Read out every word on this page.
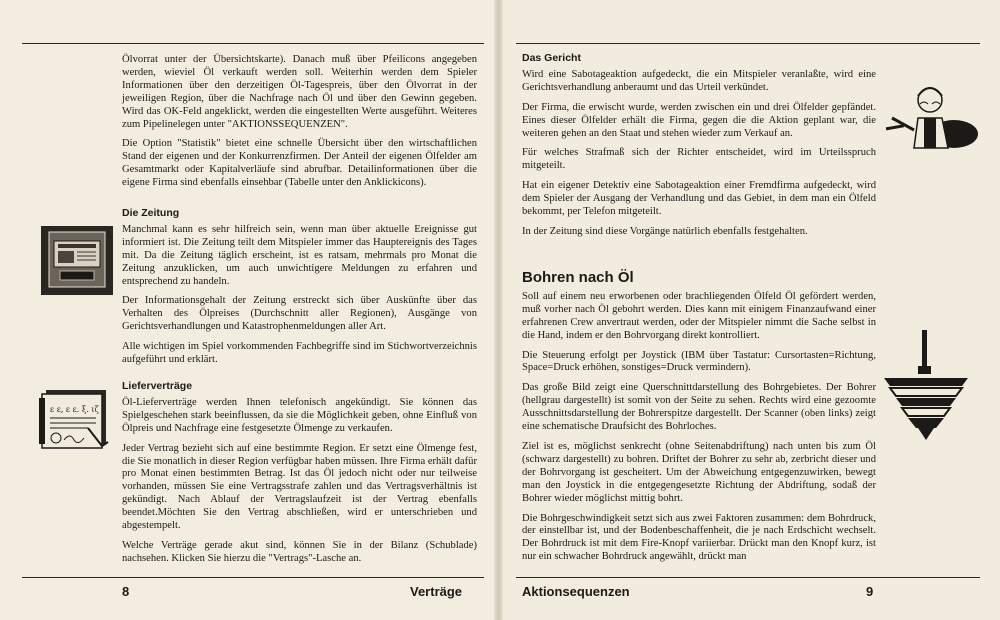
Ölvorrat unter der Übersichtskarte). Danach muß über Pfeilicons angegeben werden, wieviel Öl verkauft werden soll. Weiterhin werden dem Spieler Informationen über den derzeitigen Öl-Tagespreis, über den Ölvorrat in der jeweiligen Region, über die Nachfrage nach Öl und über den Gewinn gegeben. Wird das OK-Feld angeklickt, werden die eingestellten Werte ausgeführt. Weiteres zum Pipelinelegen unter "AKTIONSSEQUENZEN".

Die Option "Statistik" bietet eine schnelle Übersicht über den wirtschaftlichen Stand der eigenen und der Konkurrenzfirmen. Der Anteil der eigenen Ölfelder am Gesamtmarkt oder Kapitalverläufe sind abrufbar. Detailinformationen über die eigene Firma sind ebenfalls einsehbar (Tabelle unter den Anklickicons).

Die Zeitung

Manchmal kann es sehr hilfreich sein, wenn man über aktuelle Ereignisse gut informiert ist. Die Zeitung teilt dem Mitspieler immer das Hauptereignis des Tages mit. Da die Zeitung täglich erscheint, ist es ratsam, mehrmals pro Monat die Zeitung anzuklicken, um auch unwichtigere Meldungen zu erfahren und entsprechend zu handeln.

Der Informationsgehalt der Zeitung erstreckt sich über Auskünfte über das Verhalten des Ölpreises (Durchschnitt aller Regionen), Ausgänge von Gerichtsverhandlungen und Katastrophenmeldungen aller Art.

Alle wichtigen im Spiel vorkommenden Fachbegriffe sind im Stichwortverzeichnis aufgeführt und erklärt.

Lieferverträge

Öl-Lieferverträge werden Ihnen telefonisch angekündigt. Sie können das Spielgeschehen stark beeinflussen, da sie die Möglichkeit geben, ohne Einfluß von Ölpreis und Nachfrage eine festgesetzte Ölmenge zu verkaufen.

Jeder Vertrag bezieht sich auf eine bestimmte Region. Er setzt eine Ölmenge fest, die Sie monatlich in dieser Region verfügbar haben müssen. Ihre Firma erhält dafür pro Monat einen bestimmten Betrag. Ist das Öl jedoch nicht oder nur teilweise vorhanden, müssen Sie eine Vertragsstrafe zahlen und das Vertragsverhältnis ist gekündigt. Nach Ablauf der Vertragslaufzeit ist der Vertrag ebenfalls beendet.Möchten Sie den Vertrag abschließen, wird er unterschrieben und abgestempelt.

Welche Verträge gerade akut sind, können Sie in der Bilanz (Schublade) nachsehen. Klicken Sie hierzu die "Vertrags"-Lasche an.

ε ε, ε ε. ξ. ιζ
8	Verträge
Das Gericht

Wird eine Sabotageaktion aufgedeckt, die ein Mitspieler veranlaßte, wird eine Gerichtsverhandlung anberaumt und das Urteil verkündet.

Der Firma, die erwischt wurde, werden zwischen ein und drei Ölfelder gepfändet. Eines dieser Ölfelder erhält die Firma, gegen die die Aktion geplant war, die weiteren gehen an den Staat und stehen wieder zum Verkauf an.

Für welches Strafmaß sich der Richter entscheidet, wird im Urteilsspruch mitgeteilt.

Hat ein eigener Detektiv eine Sabotageaktion einer Fremdfirma aufgedeckt, wird dem Spieler der Ausgang der Verhandlung und das Gebiet, in dem man ein Ölfeld bekommt, per Telefon mitgeteilt.

In der Zeitung sind diese Vorgänge natürlich ebenfalls festgehalten.

Bohren nach Öl

Soll auf einem neu erworbenen oder brachliegenden Ölfeld Öl gefördert werden, muß vorher nach Öl gebohrt werden. Dies kann mit einigem Finanzaufwand einer erfahrenen Crew anvertraut werden, oder der Mitspieler nimmt die Sache selbst in die Hand, indem er den Bohrvorgang direkt kontrolliert.

Die Steuerung erfolgt per Joystick (IBM über Tastatur: Cursortasten=Richtung, Space=Druck erhöhen, sonstiges=Druck vermindern).

Das große Bild zeigt eine Querschnittdarstellung des Bohrgebietes. Der Bohrer (hellgrau dargestellt) ist somit von der Seite zu sehen. Rechts wird eine gezoomte Ausschnittsdarstellung der Bohrerspitze dargestellt. Der Scanner (oben links) zeigt eine schematische Draufsicht des Bohrloches.

Ziel ist es, möglichst senkrecht (ohne Seitenabdriftung) nach unten bis zum Öl (schwarz dargestellt) zu bohren. Driftet der Bohrer zu sehr ab, zerbricht dieser und der Bohrvorgang ist gescheitert. Um der Abweichung entgegenzuwirken, bewegt man den Joystick in die entgegengesetzte Richtung der Abdriftung, sodaß der Bohrer wieder möglichst mittig bohrt.

Die Bohrgeschwindigkeit setzt sich aus zwei Faktoren zusammen: dem Bohrdruck, der einstellbar ist, und der Bodenbeschaffenheit, die je nach Erdschicht wechselt. Der Bohrdruck ist mit dem Fire-Knopf variierbar. Drückt man den Knopf kurz, ist nur ein schwacher Bohrdruck angewählt, drückt man

Aktionsequenzen	9
